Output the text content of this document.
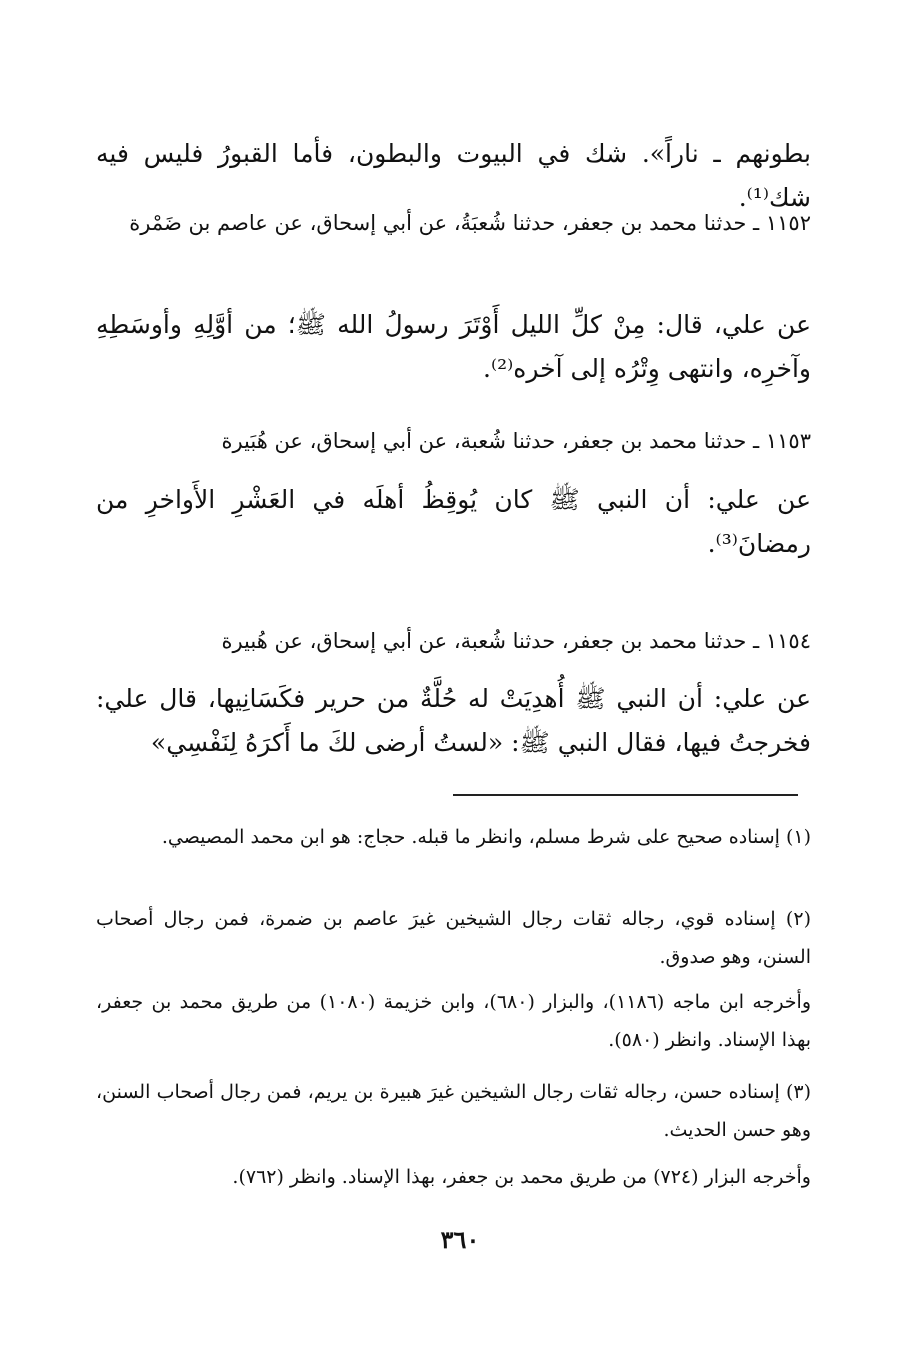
بطونهم ـ ناراً». شك في البيوت والبطون، فأما القبورُ فليس فيه شك⁽¹⁾.

١١٥٢ ـ حدثنا محمد بن جعفر، حدثنا شُعبَةُ، عن أبي إسحاق، عن عاصم بن ضَمْرة

عن علي، قال: مِنْ كلِّ الليل أَوْتَرَ رسولُ الله ﷺ؛ من أوَّلِهِ وأوسَطِهِ وآخرِه، وانتهى وِتْرُه إلى آخره⁽²⁾.

١١٥٣ ـ حدثنا محمد بن جعفر، حدثنا شُعبة، عن أبي إسحاق، عن هُبَيرة

عن علي: أن النبي ﷺ كان يُوقِظُ أهلَه في العَشْرِ الأَواخرِ من رمضانَ⁽³⁾.

١١٥٤ ـ حدثنا محمد بن جعفر، حدثنا شُعبة، عن أبي إسحاق، عن هُبيرة

عن علي: أن النبي ﷺ أُهدِيَتْ له حُلَّةٌ من حرير فكَسَانِيها، قال علي: فخرجتُ فيها، فقال النبي ﷺ: «لستُ أرضى لكَ ما أَكرَهُ لِنَفْسِي»

(١) إسناده صحيح على شرط مسلم، وانظر ما قبله. حجاج: هو ابن محمد المصيصي.

(٢) إسناده قوي، رجاله ثقات رجال الشيخين غيرَ عاصم بن ضمرة، فمن رجال أصحاب السنن، وهو صدوق.

وأخرجه ابن ماجه (١١٨٦)، والبزار (٦٨٠)، وابن خزيمة (١٠٨٠) من طريق محمد بن جعفر، بهذا الإسناد. وانظر (٥٨٠).

(٣) إسناده حسن، رجاله ثقات رجال الشيخين غيرَ هبيرة بن يريم، فمن رجال أصحاب السنن، وهو حسن الحديث.

وأخرجه البزار (٧٢٤) من طريق محمد بن جعفر، بهذا الإسناد. وانظر (٧٦٢).

٣٦٠
